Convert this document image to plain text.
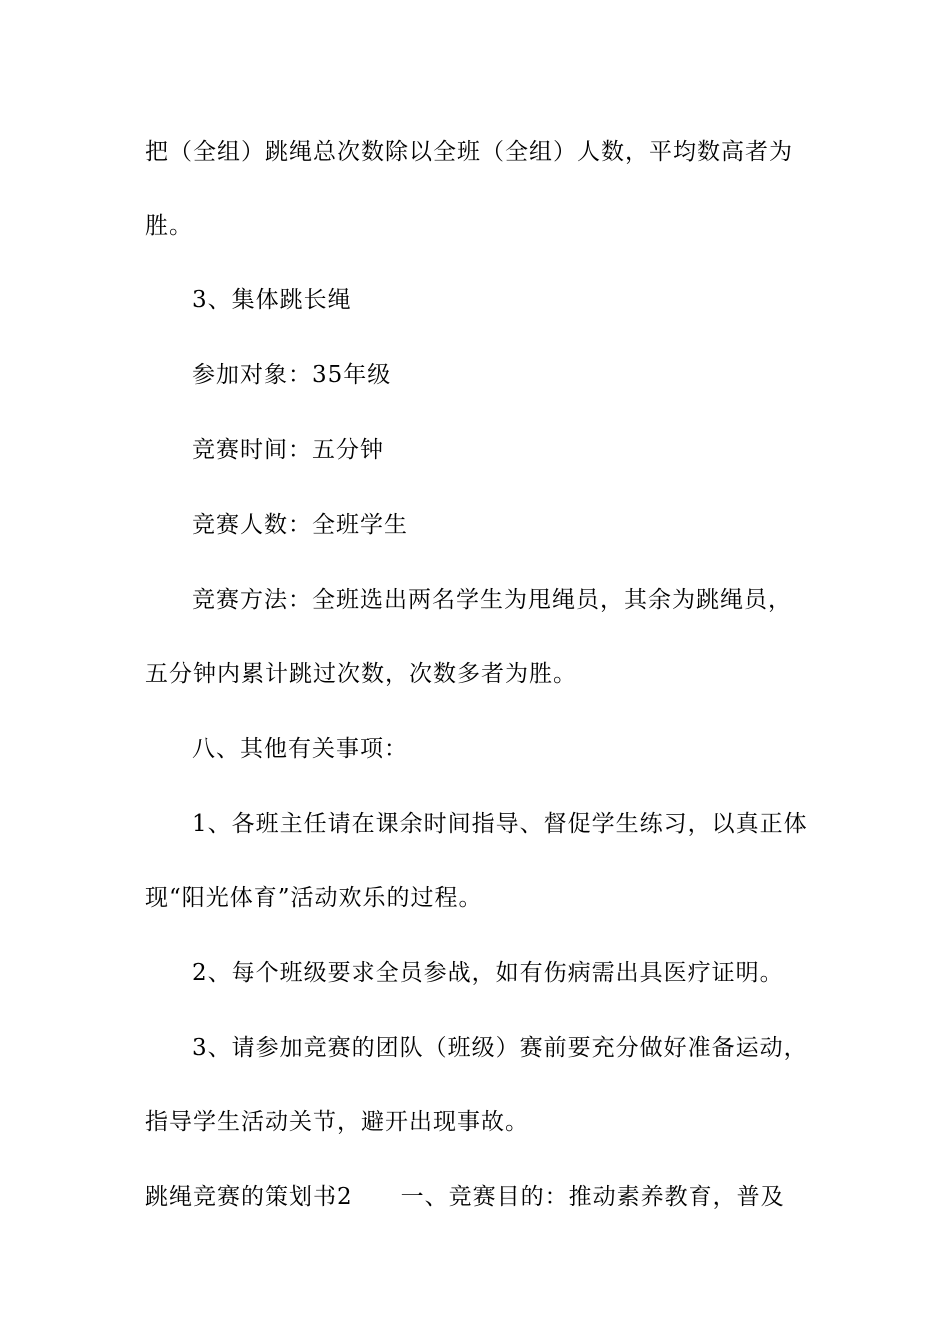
把（全组）跳绳总次数除以全班（全组）人数，平均数高者为
胜。
3、集体跳长绳
参加对象：35年级
竞赛时间：五分钟
竞赛人数：全班学生
竞赛方法：全班选出两名学生为甩绳员，其余为跳绳员，
五分钟内累计跳过次数，次数多者为胜。
八、其他有关事项：
1、各班主任请在课余时间指导、督促学生练习，以真正体
现“阳光体育”活动欢乐的过程。
2、每个班级要求全员参战，如有伤病需出具医疗证明。
3、请参加竞赛的团队（班级）赛前要充分做好准备运动，
指导学生活动关节，避开出现事故。
跳绳竞赛的策划书2 一、竞赛目的：推动素养教育，普及
